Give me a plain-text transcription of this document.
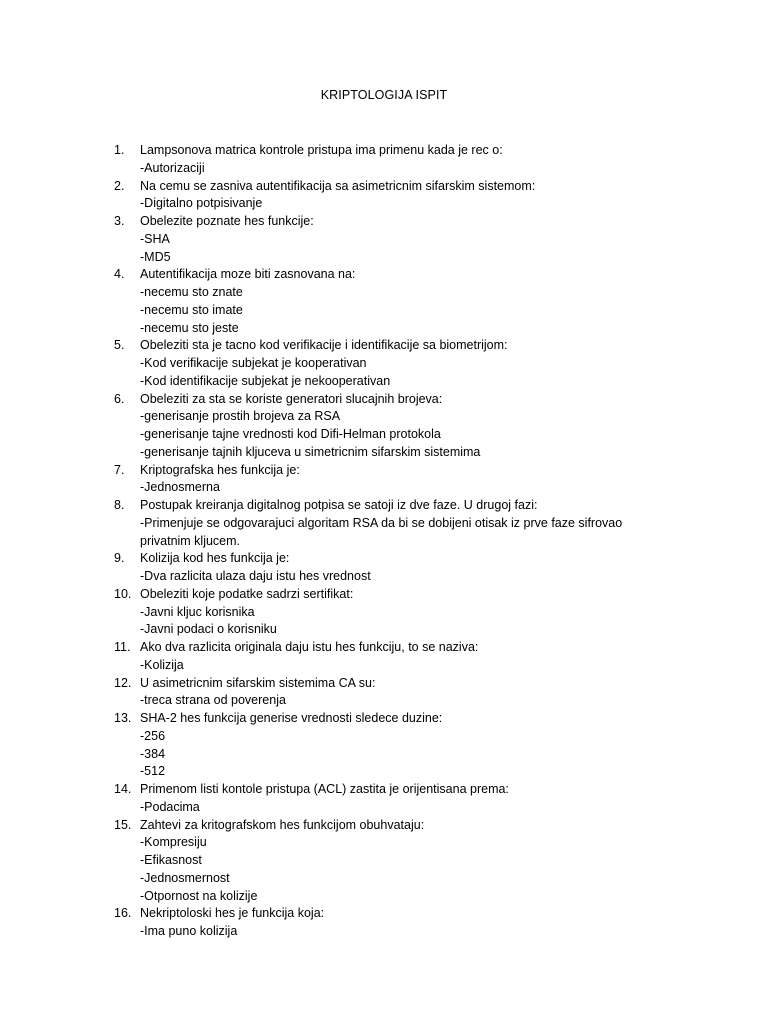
KRIPTOLOGIJA ISPIT
1.	Lampsonova matrica kontrole pristupa ima primenu kada je rec o:
-Autorizaciji
2.	Na cemu se zasniva autentifikacija sa asimetricnim sifarskim sistemom:
-Digitalno potpisivanje
3.	Obelezite poznate hes funkcije:
-SHA
-MD5
4.	Autentifikacija moze biti zasnovana na:
-necemu sto znate
-necemu sto imate
-necemu sto jeste
5.	Obeleziti sta je tacno kod verifikacije i identifikacije sa biometrijom:
-Kod verifikacije subjekat je kooperativan
-Kod identifikacije subjekat je nekooperativan
6.	Obeleziti za sta se koriste generatori slucajnih brojeva:
-generisanje prostih brojeva za RSA
-generisanje tajne vrednosti kod Difi-Helman protokola
-generisanje tajnih kljuceva u simetricnim sifarskim sistemima
7.	Kriptografska hes funkcija je:
-Jednosmerna
8.	Postupak kreiranja digitalnog potpisa se satoji iz dve faze. U drugoj fazi:
-Primenjuje se odgovarajuci algoritam RSA da bi se dobijeni otisak iz prve faze sifrovao privatnim kljucem.
9.	Kolizija kod hes funkcija je:
-Dva razlicita ulaza daju istu hes vrednost
10. Obeleziti koje podatke sadrzi sertifikat:
-Javni kljuc korisnika
-Javni podaci o korisniku
11. Ako dva razlicita originala daju istu hes funkciju, to se naziva:
-Kolizija
12. U asimetricnim sifarskim sistemima CA su:
-treca strana od poverenja
13. SHA-2 hes funkcija generise vrednosti sledece duzine:
-256
-384
-512
14. Primenom listi kontole pristupa (ACL) zastita je orijentisana prema:
-Podacima
15. Zahtevi za kritografskom hes funkcijom obuhvataju:
-Kompresiju
-Efikasnost
-Jednosmernost
-Otpornost na kolizije
16. Nekriptoloski hes je funkcija koja:
-Ima puno kolizija
